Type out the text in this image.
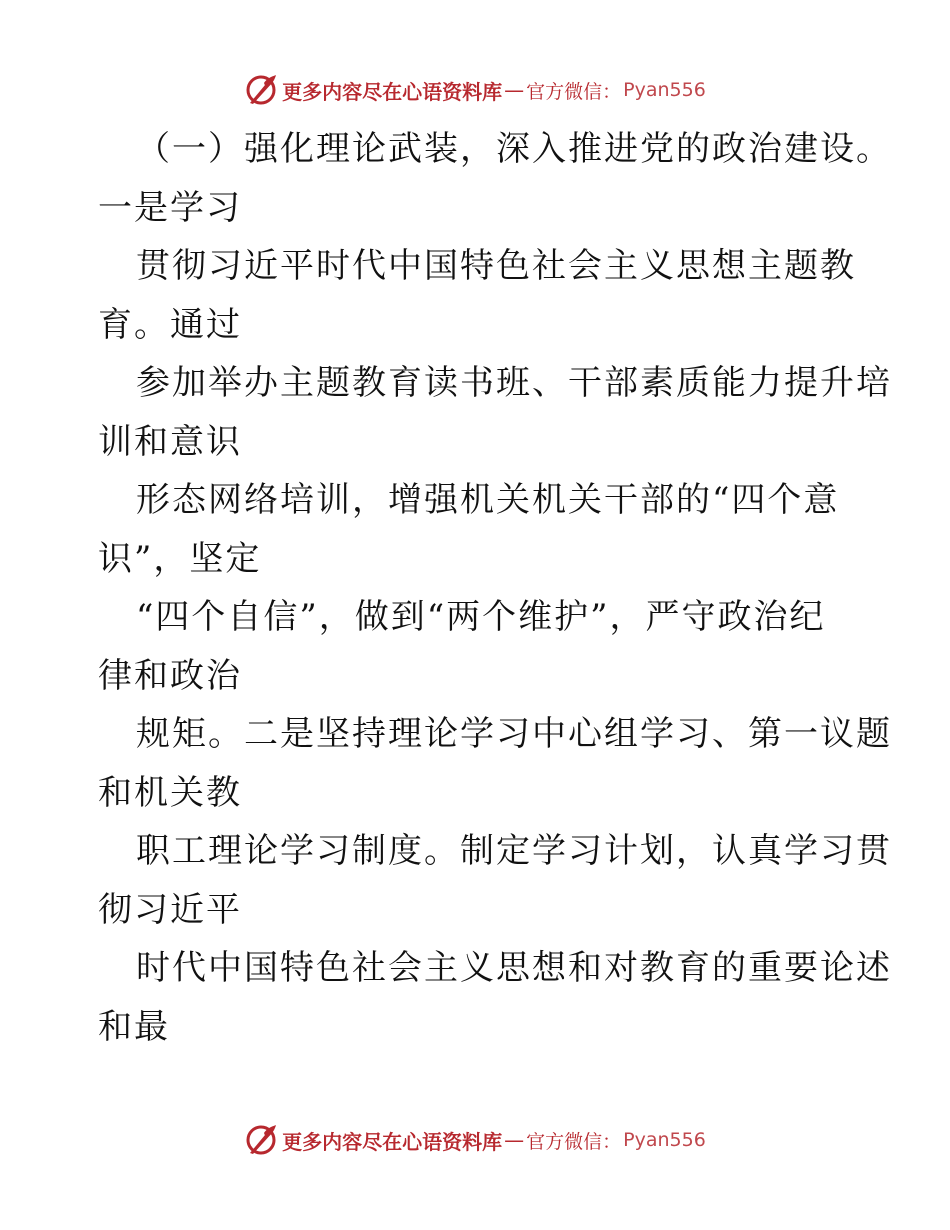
更多内容尽在心语资料库 — 官方微信： Pyan556
（一）强化理论武装，深入推进党的政治建设。
一是学习
贯彻习近平时代中国特色社会主义思想主题教
育。通过
参加举办主题教育读书班、干部素质能力提升培
训和意识
形态网络培训，增强机关机关干部的“四个意
识”，坚定
“四个自信”，做到“两个维护”，严守政治纪
律和政治
规矩。二是坚持理论学习中心组学习、第一议题
和机关教
职工理论学习制度。制定学习计划，认真学习贯
彻习近平
时代中国特色社会主义思想和对教育的重要论述
和最
更多内容尽在心语资料库 — 官方微信： Pyan556
